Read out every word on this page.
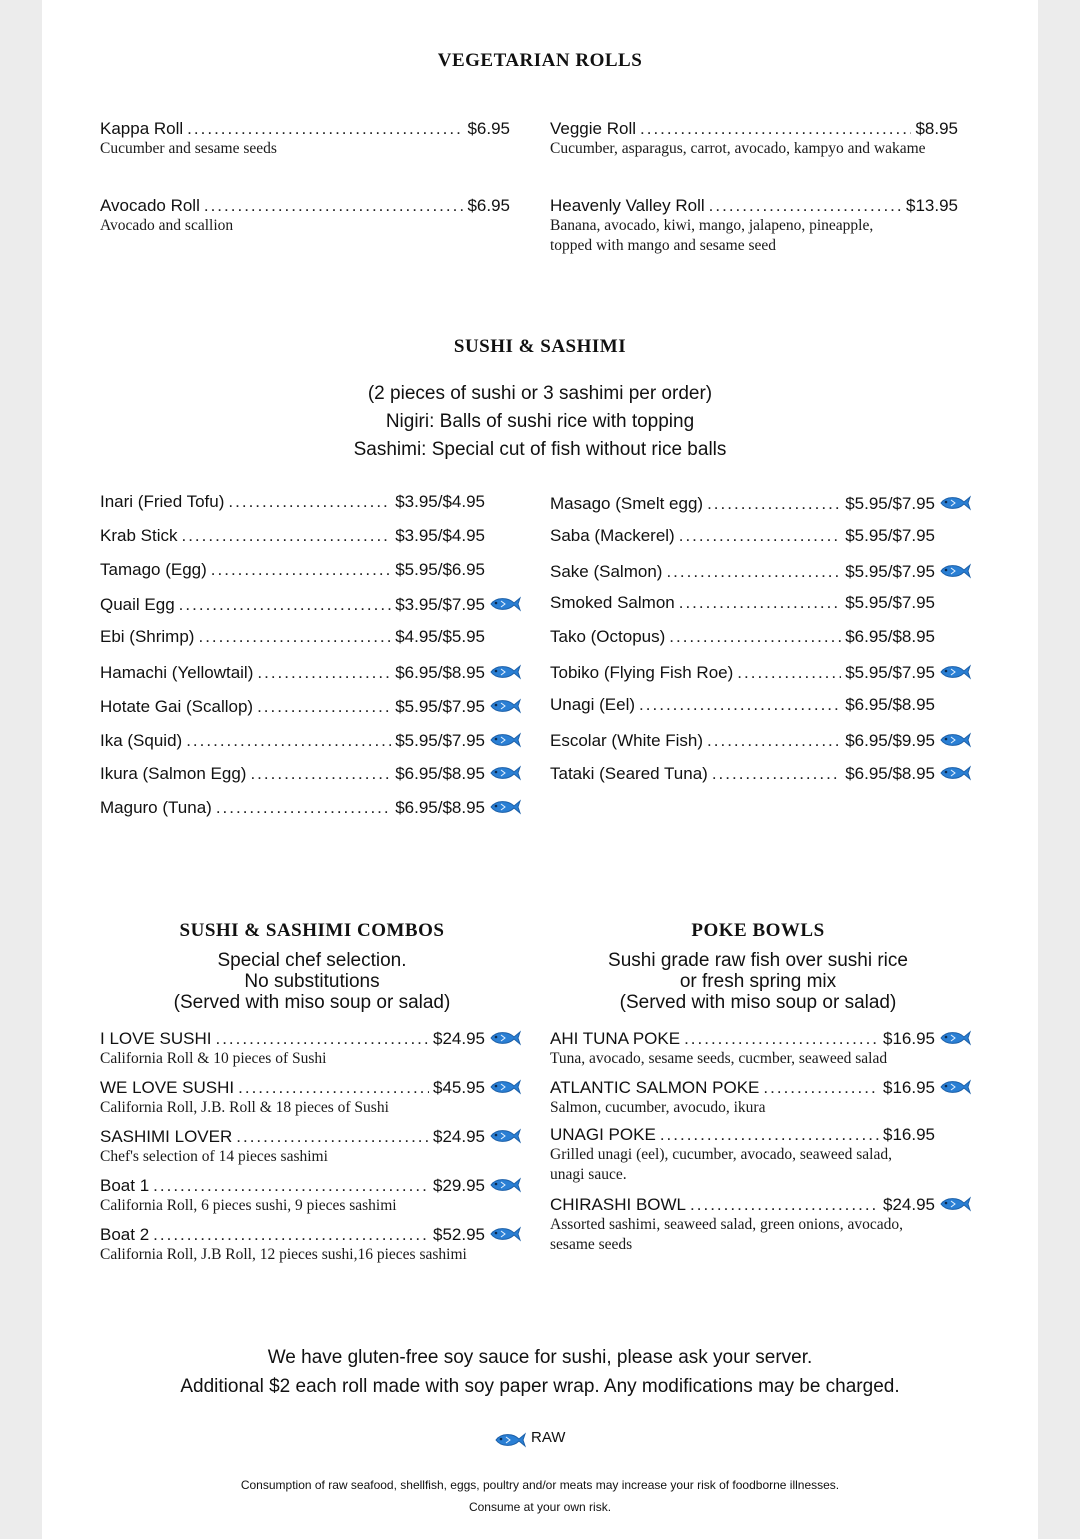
VEGETARIAN ROLLS
Kappa Roll .....	$6.95
Cucumber and sesame seeds
Veggie Roll .....	$8.95
Cucumber, asparagus, carrot, avocado, kampyo and wakame
Avocado Roll .....	$6.95
Avocado and scallion
Heavenly Valley Roll .....	$13.95
Banana, avocado, kiwi, mango, jalapeno, pineapple,
topped with mango and sesame seed
SUSHI & SASHIMI
(2 pieces of sushi or 3 sashimi per order)
Nigiri: Balls of sushi rice with topping
Sashimi: Special cut of fish without rice balls
Inari (Fried Tofu) .....	$3.95/$4.95
Krab Stick .....	$3.95/$4.95
Tamago (Egg) .....	$5.95/$6.95
Quail Egg .....	$3.95/$7.95
Ebi (Shrimp) .....	$4.95/$5.95
Hamachi (Yellowtail) .....	$6.95/$8.95
Hotate Gai (Scallop) .....	$5.95/$7.95
Ika (Squid) .....	$5.95/$7.95
Ikura (Salmon Egg) .....	$6.95/$8.95
Maguro (Tuna) .....	$6.95/$8.95
Masago (Smelt egg) .....	$5.95/$7.95
Saba (Mackerel) .....	$5.95/$7.95
Sake (Salmon) .....	$5.95/$7.95
Smoked Salmon .....	$5.95/$7.95
Tako (Octopus) .....	$6.95/$8.95
Tobiko (Flying Fish Roe) .....	$5.95/$7.95
Unagi (Eel) .....	$6.95/$8.95
Escolar (White Fish) .....	$6.95/$9.95
Tataki (Seared Tuna) .....	$6.95/$8.95
SUSHI & SASHIMI COMBOS
Special chef selection.
No substitutions
(Served with miso soup or salad)
I LOVE SUSHI .....	$24.95
California Roll & 10 pieces of Sushi
WE LOVE SUSHI .....	$45.95
California Roll, J.B. Roll & 18 pieces of Sushi
SASHIMI LOVER .....	$24.95
Chef's selection of 14 pieces sashimi
Boat 1 .....	$29.95
California Roll, 6 pieces sushi, 9 pieces sashimi
Boat 2 .....	$52.95
California Roll, J.B Roll, 12 pieces sushi,16 pieces sashimi
POKE BOWLS
Sushi grade raw fish over sushi rice
or fresh spring mix
(Served with miso soup or salad)
AHI TUNA POKE .....	$16.95
Tuna, avocado, sesame seeds, cucmber, seaweed salad
ATLANTIC SALMON POKE .....	$16.95
Salmon, cucumber, avocudo, ikura
UNAGI POKE .....	$16.95
Grilled unagi (eel), cucumber, avocado, seaweed salad,
unagi sauce.
CHIRASHI BOWL .....	$24.95
Assorted sashimi, seaweed salad, green onions, avocado,
sesame seeds
We have gluten-free soy sauce for sushi, please ask your server.
Additional $2 each roll made with soy paper wrap. Any modifications may be charged.
RAW
Consumption of raw seafood, shellfish, eggs, poultry and/or meats may increase your risk of foodborne illnesses.
Consume at your own risk.
